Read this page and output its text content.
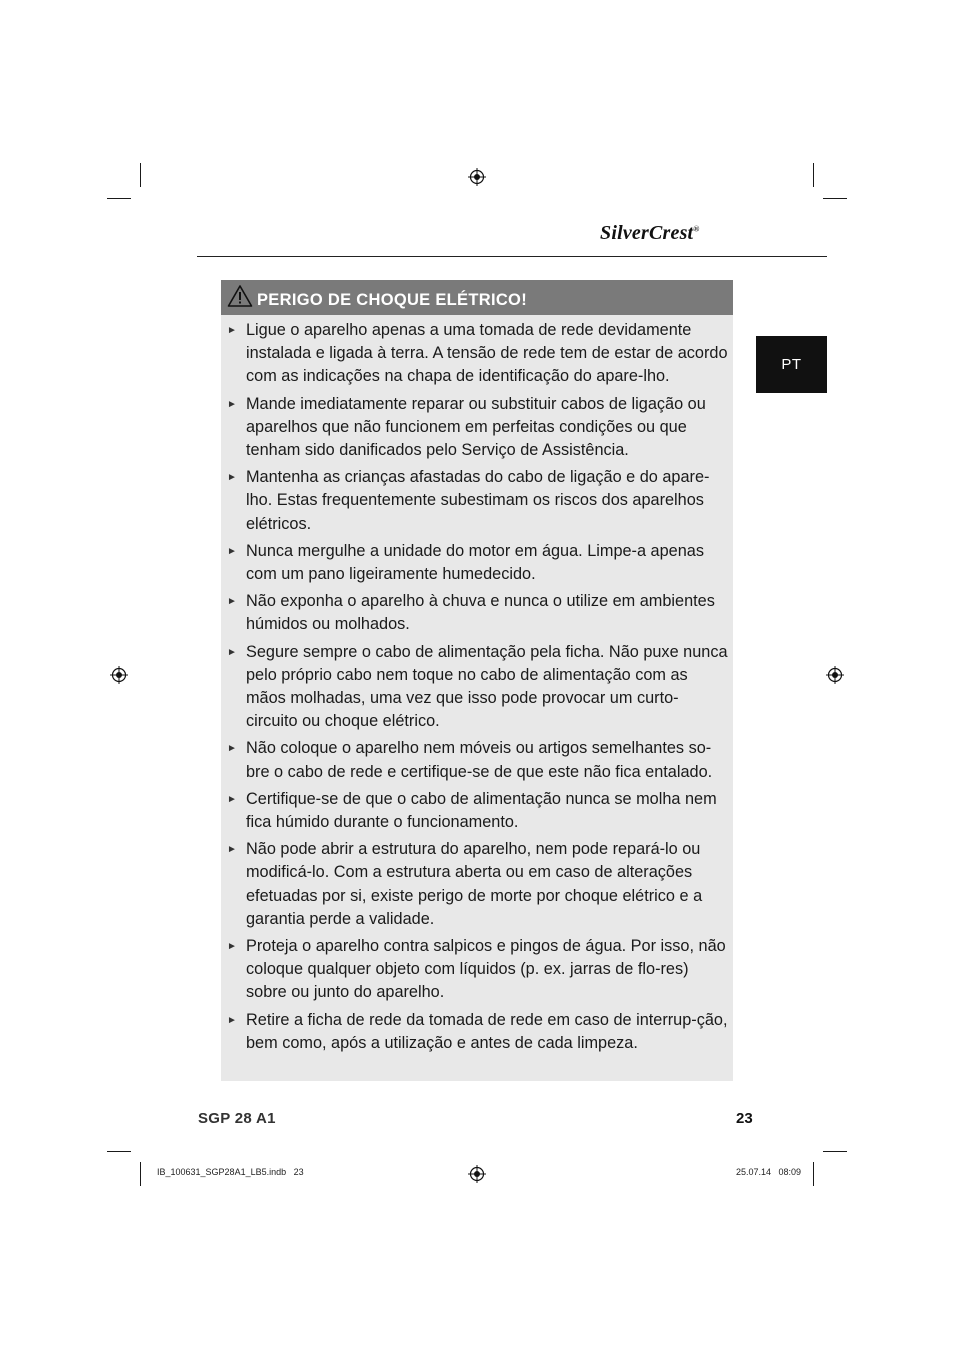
SilverCrest®
PT
PERIGO DE CHOQUE ELÉTRICO!
► Ligue o aparelho apenas a uma tomada de rede devidamente instalada e ligada à terra. A tensão de rede tem de estar de acordo com as indicações na chapa de identificação do apare-lho.
► Mande imediatamente reparar ou substituir cabos de ligação ou aparelhos que não funcionem em perfeitas condições ou que tenham sido danificados pelo Serviço de Assistência.
► Mantenha as crianças afastadas do cabo de ligação e do apare-lho. Estas frequentemente subestimam os riscos dos aparelhos elétricos.
► Nunca mergulhe a unidade do motor em água. Limpe-a apenas com um pano ligeiramente humedecido.
► Não exponha o aparelho à chuva e nunca o utilize em ambientes húmidos ou molhados.
► Segure sempre o cabo de alimentação pela ficha. Não puxe nunca pelo próprio cabo nem toque no cabo de alimentação com as mãos molhadas, uma vez que isso pode provocar um curto-circuito ou choque elétrico.
► Não coloque o aparelho nem móveis ou artigos semelhantes so-bre o cabo de rede e certifique-se de que este não fica entalado.
► Certifique-se de que o cabo de alimentação nunca se molha nem fica húmido durante o funcionamento.
► Não pode abrir a estrutura do aparelho, nem pode repará-lo ou modificá-lo. Com a estrutura aberta ou em caso de alterações efetuadas por si, existe perigo de morte por choque elétrico e a garantia perde a validade.
► Proteja o aparelho contra salpicos e pingos de água. Por isso, não coloque qualquer objeto com líquidos (p. ex. jarras de flo-res) sobre ou junto do aparelho.
► Retire a ficha de rede da tomada de rede em caso de interrup-ção, bem como, após a utilização e antes de cada limpeza.
SGP 28 A1	23
IB_100631_SGP28A1_LB5.indb   23	25.07.14   08:09
